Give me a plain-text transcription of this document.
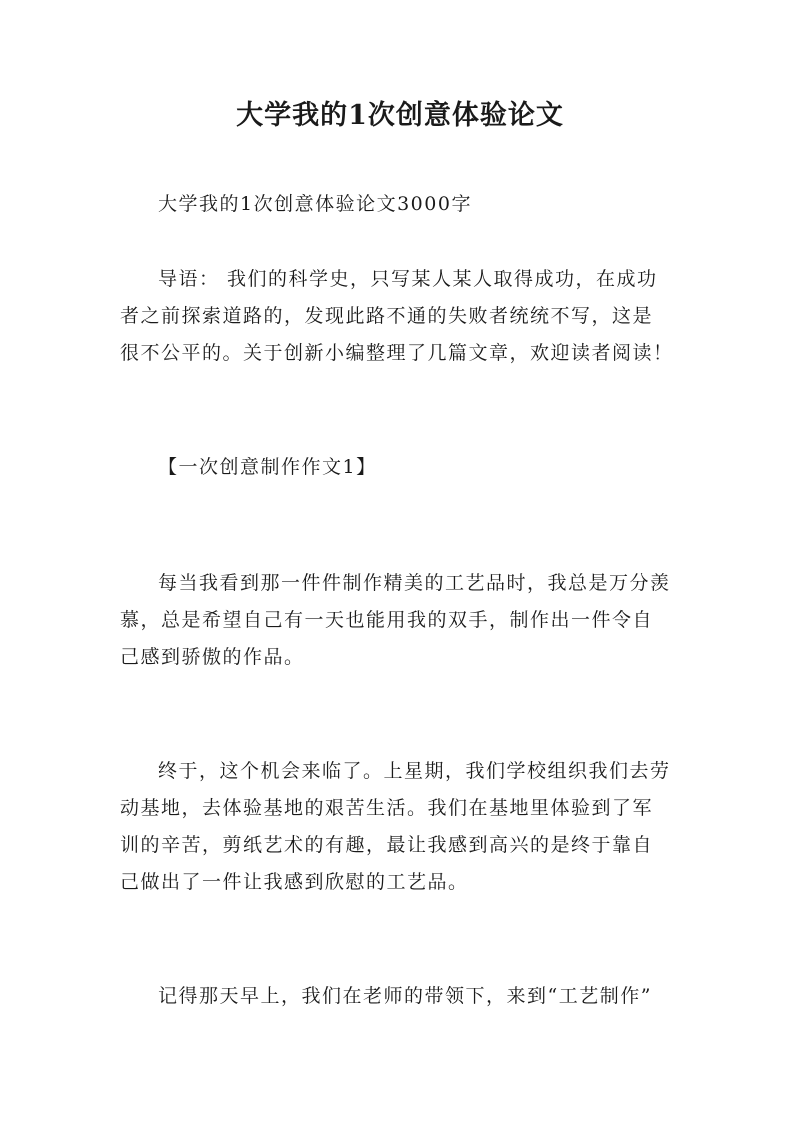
大学我的1次创意体验论文
大学我的1次创意体验论文3000字
导语： 我们的科学史，只写某人某人取得成功，在成功
者之前探索道路的，发现此路不通的失败者统统不写，这是
很不公平的。关于创新小编整理了几篇文章，欢迎读者阅读！
【一次创意制作作文1】
每当我看到那一件件制作精美的工艺品时，我总是万分羡
慕，总是希望自己有一天也能用我的双手，制作出一件令自
己感到骄傲的作品。
终于，这个机会来临了。上星期，我们学校组织我们去劳
动基地，去体验基地的艰苦生活。我们在基地里体验到了军
训的辛苦，剪纸艺术的有趣，最让我感到高兴的是终于靠自
己做出了一件让我感到欣慰的工艺品。
记得那天早上，我们在老师的带领下，来到“工艺制作”
